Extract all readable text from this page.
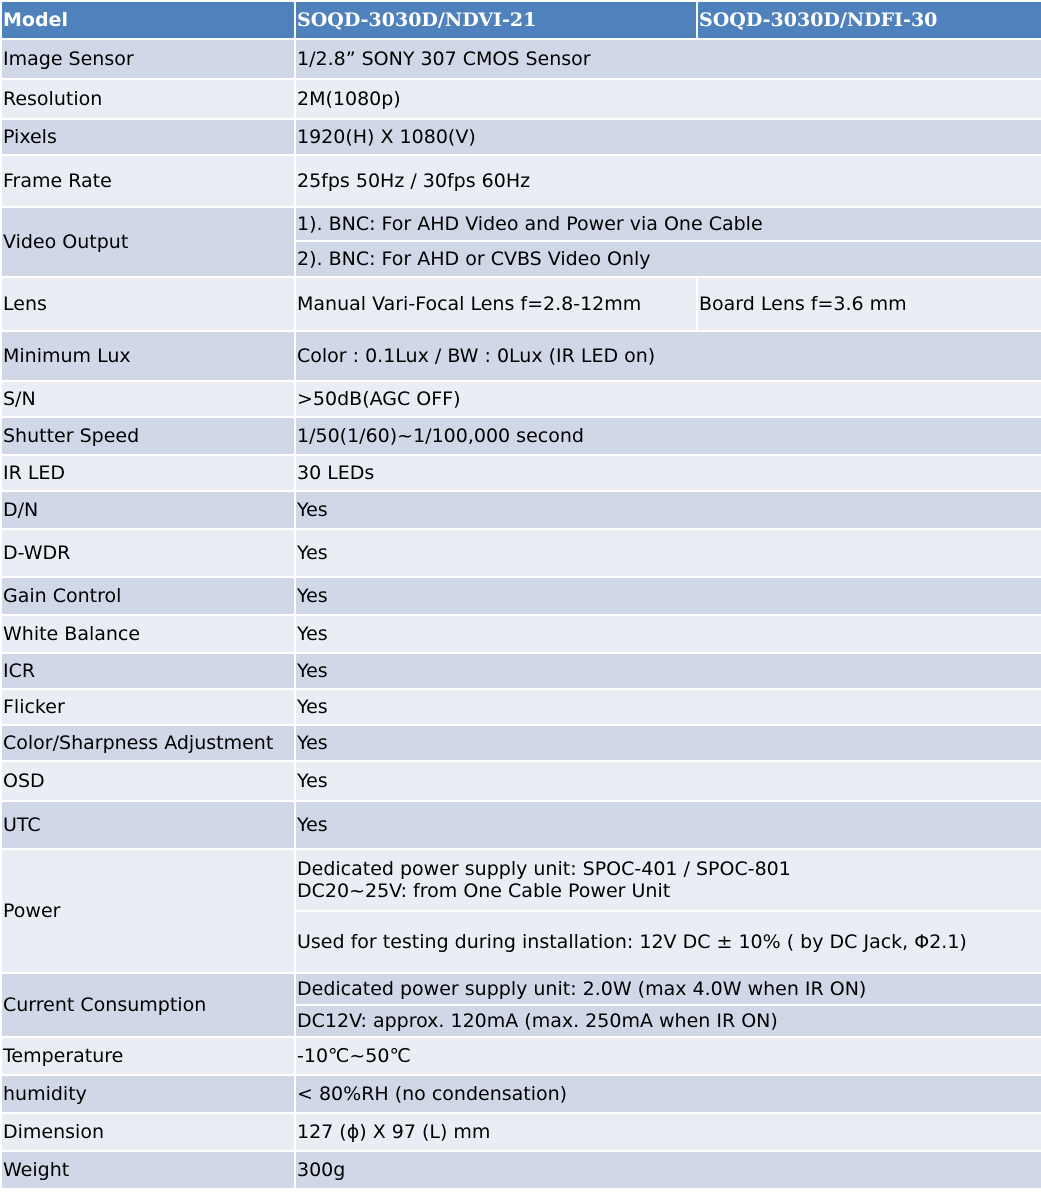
Model	SOQD-3030D/NDVI-21	SOQD-3030D/NDFI-30
Image Sensor	1/2.8” SONY 307 CMOS Sensor	
Resolution	2M(1080p)	
Pixels	1920(H) X 1080(V)	
Frame Rate	25fps 50Hz / 30fps 60Hz	
Video Output	1). BNC: For AHD Video and Power via One Cable	
	2). BNC: For AHD or CVBS Video Only	
Lens	Manual Vari-Focal Lens f=2.8-12mm	Board Lens f=3.6 mm
Minimum Lux	Color : 0.1Lux / BW : 0Lux (IR LED on)	
S/N	>50dB(AGC OFF)	
Shutter Speed	1/50(1/60)~1/100,000 second	
IR LED	30 LEDs	
D/N	Yes	
D-WDR	Yes	
Gain Control	Yes	
White Balance	Yes	
ICR	Yes	
Flicker	Yes	
Color/Sharpness Adjustment	Yes	
OSD	Yes	
UTC	Yes	
Power	Dedicated power supply unit: SPOC-401 / SPOC-801
DC20~25V: from One Cable Power Unit	

	Used for testing during installation: 12V DC ± 10% ( by DC Jack, Φ2.1)	
Current Consumption	Dedicated power supply unit: 2.0W (max 4.0W when IR ON)	
	DC12V: approx. 120mA (max. 250mA when IR ON)	
Temperature	-10℃~50℃	
humidity	< 80%RH (no condensation)	
Dimension	127 (ɸ) X 97 (L) mm	
Weight	300g	
